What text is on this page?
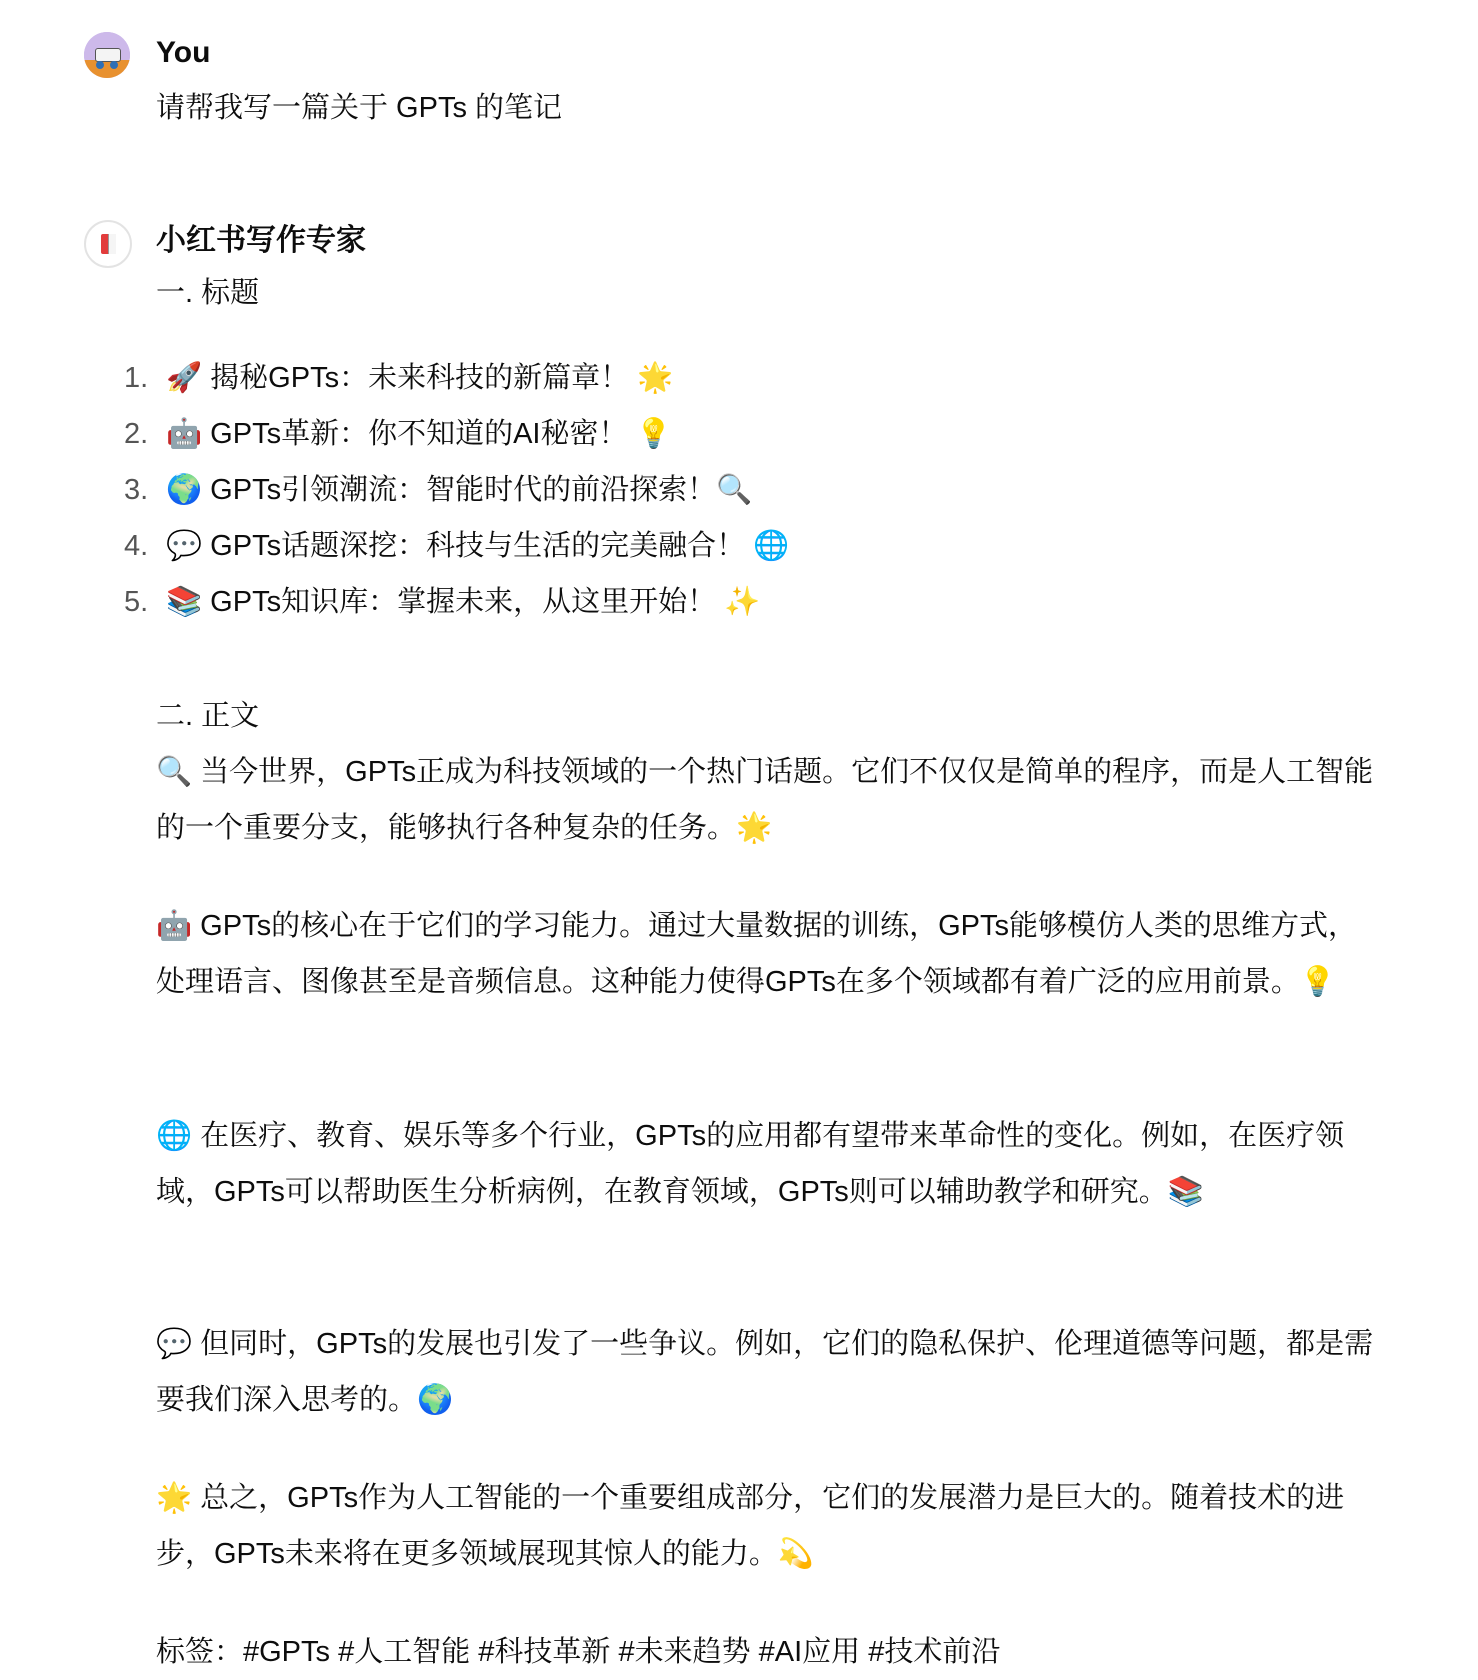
You
请帮我写一篇关于 GPTs 的笔记
小红书写作专家
一. 标题
1. 🚀 揭秘GPTs：未来科技的新篇章！ 🌟
2. 🤖 GPTs革新：你不知道的AI秘密！ 💡
3. 🌍 GPTs引领潮流：智能时代的前沿探索！🔍
4. 💬 GPTs话题深挖：科技与生活的完美融合！ 🌐
5. 📚 GPTs知识库：掌握未来，从这里开始！ ✨
二. 正文
🔍 当今世界，GPTs正成为科技领域的一个热门话题。它们不仅仅是简单的程序，而是人工智能的一个重要分支，能够执行各种复杂的任务。🌟
🤖 GPTs的核心在于它们的学习能力。通过大量数据的训练，GPTs能够模仿人类的思维方式，处理语言、图像甚至是音频信息。这种能力使得GPTs在多个领域都有着广泛的应用前景。💡
🌐 在医疗、教育、娱乐等多个行业，GPTs的应用都有望带来革命性的变化。例如，在医疗领域，GPTs可以帮助医生分析病例，在教育领域，GPTs则可以辅助教学和研究。📚
💬 但同时，GPTs的发展也引发了一些争议。例如，它们的隐私保护、伦理道德等问题，都是需要我们深入思考的。🌍
🌟 总之，GPTs作为人工智能的一个重要组成部分，它们的发展潜力是巨大的。随着技术的进步，GPTs未来将在更多领域展现其惊人的能力。💫
标签：#GPTs #人工智能 #科技革新 #未来趋势 #AI应用 #技术前沿
